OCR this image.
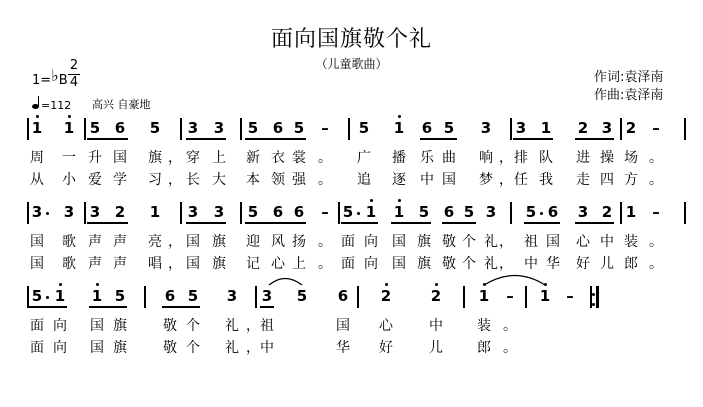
面向国旗敬个礼
（儿童歌曲）
作词:袁泽南
作曲:袁泽南
1=♭B
2
4
=112 高兴 自豪地
1 1 5 6 5 3 3 5 6 5 – 5 1 6 5 3 3 1 2 3 2 –
周 一 升 国 旗 ， 穿 上 新 衣 裳 。 广 播 乐 曲 响 ， 排 队 进 操 场 。
从 小 爱 学 习 ， 长 大 本 领 强 。 追 逐 中 国 梦 ， 任 我 走 四 方 。
3 3 3 2 1 3 3 5 6 6 – 5 1 1 5 6 5 3 5 6 3 2 1 –
国 歌 声 声 亮 ， 国 旗 迎 风 扬 。 面 向 国 旗 敬 个 礼 ， 祖 国 心 中 装 。
国 歌 声 声 唱 ， 国 旗 记 心 上 。 面 向 国 旗 敬 个 礼 ， 中 华 好 儿 郎 。
5 1 1 5	6 5 3 3 5 6 2	2	1 – 1 –
面 向 国 旗	敬 个 礼 ， 祖	国 心	中 装 。
面 向 国 旗	敬 个 礼 ， 中	华 好	儿 郎 。
